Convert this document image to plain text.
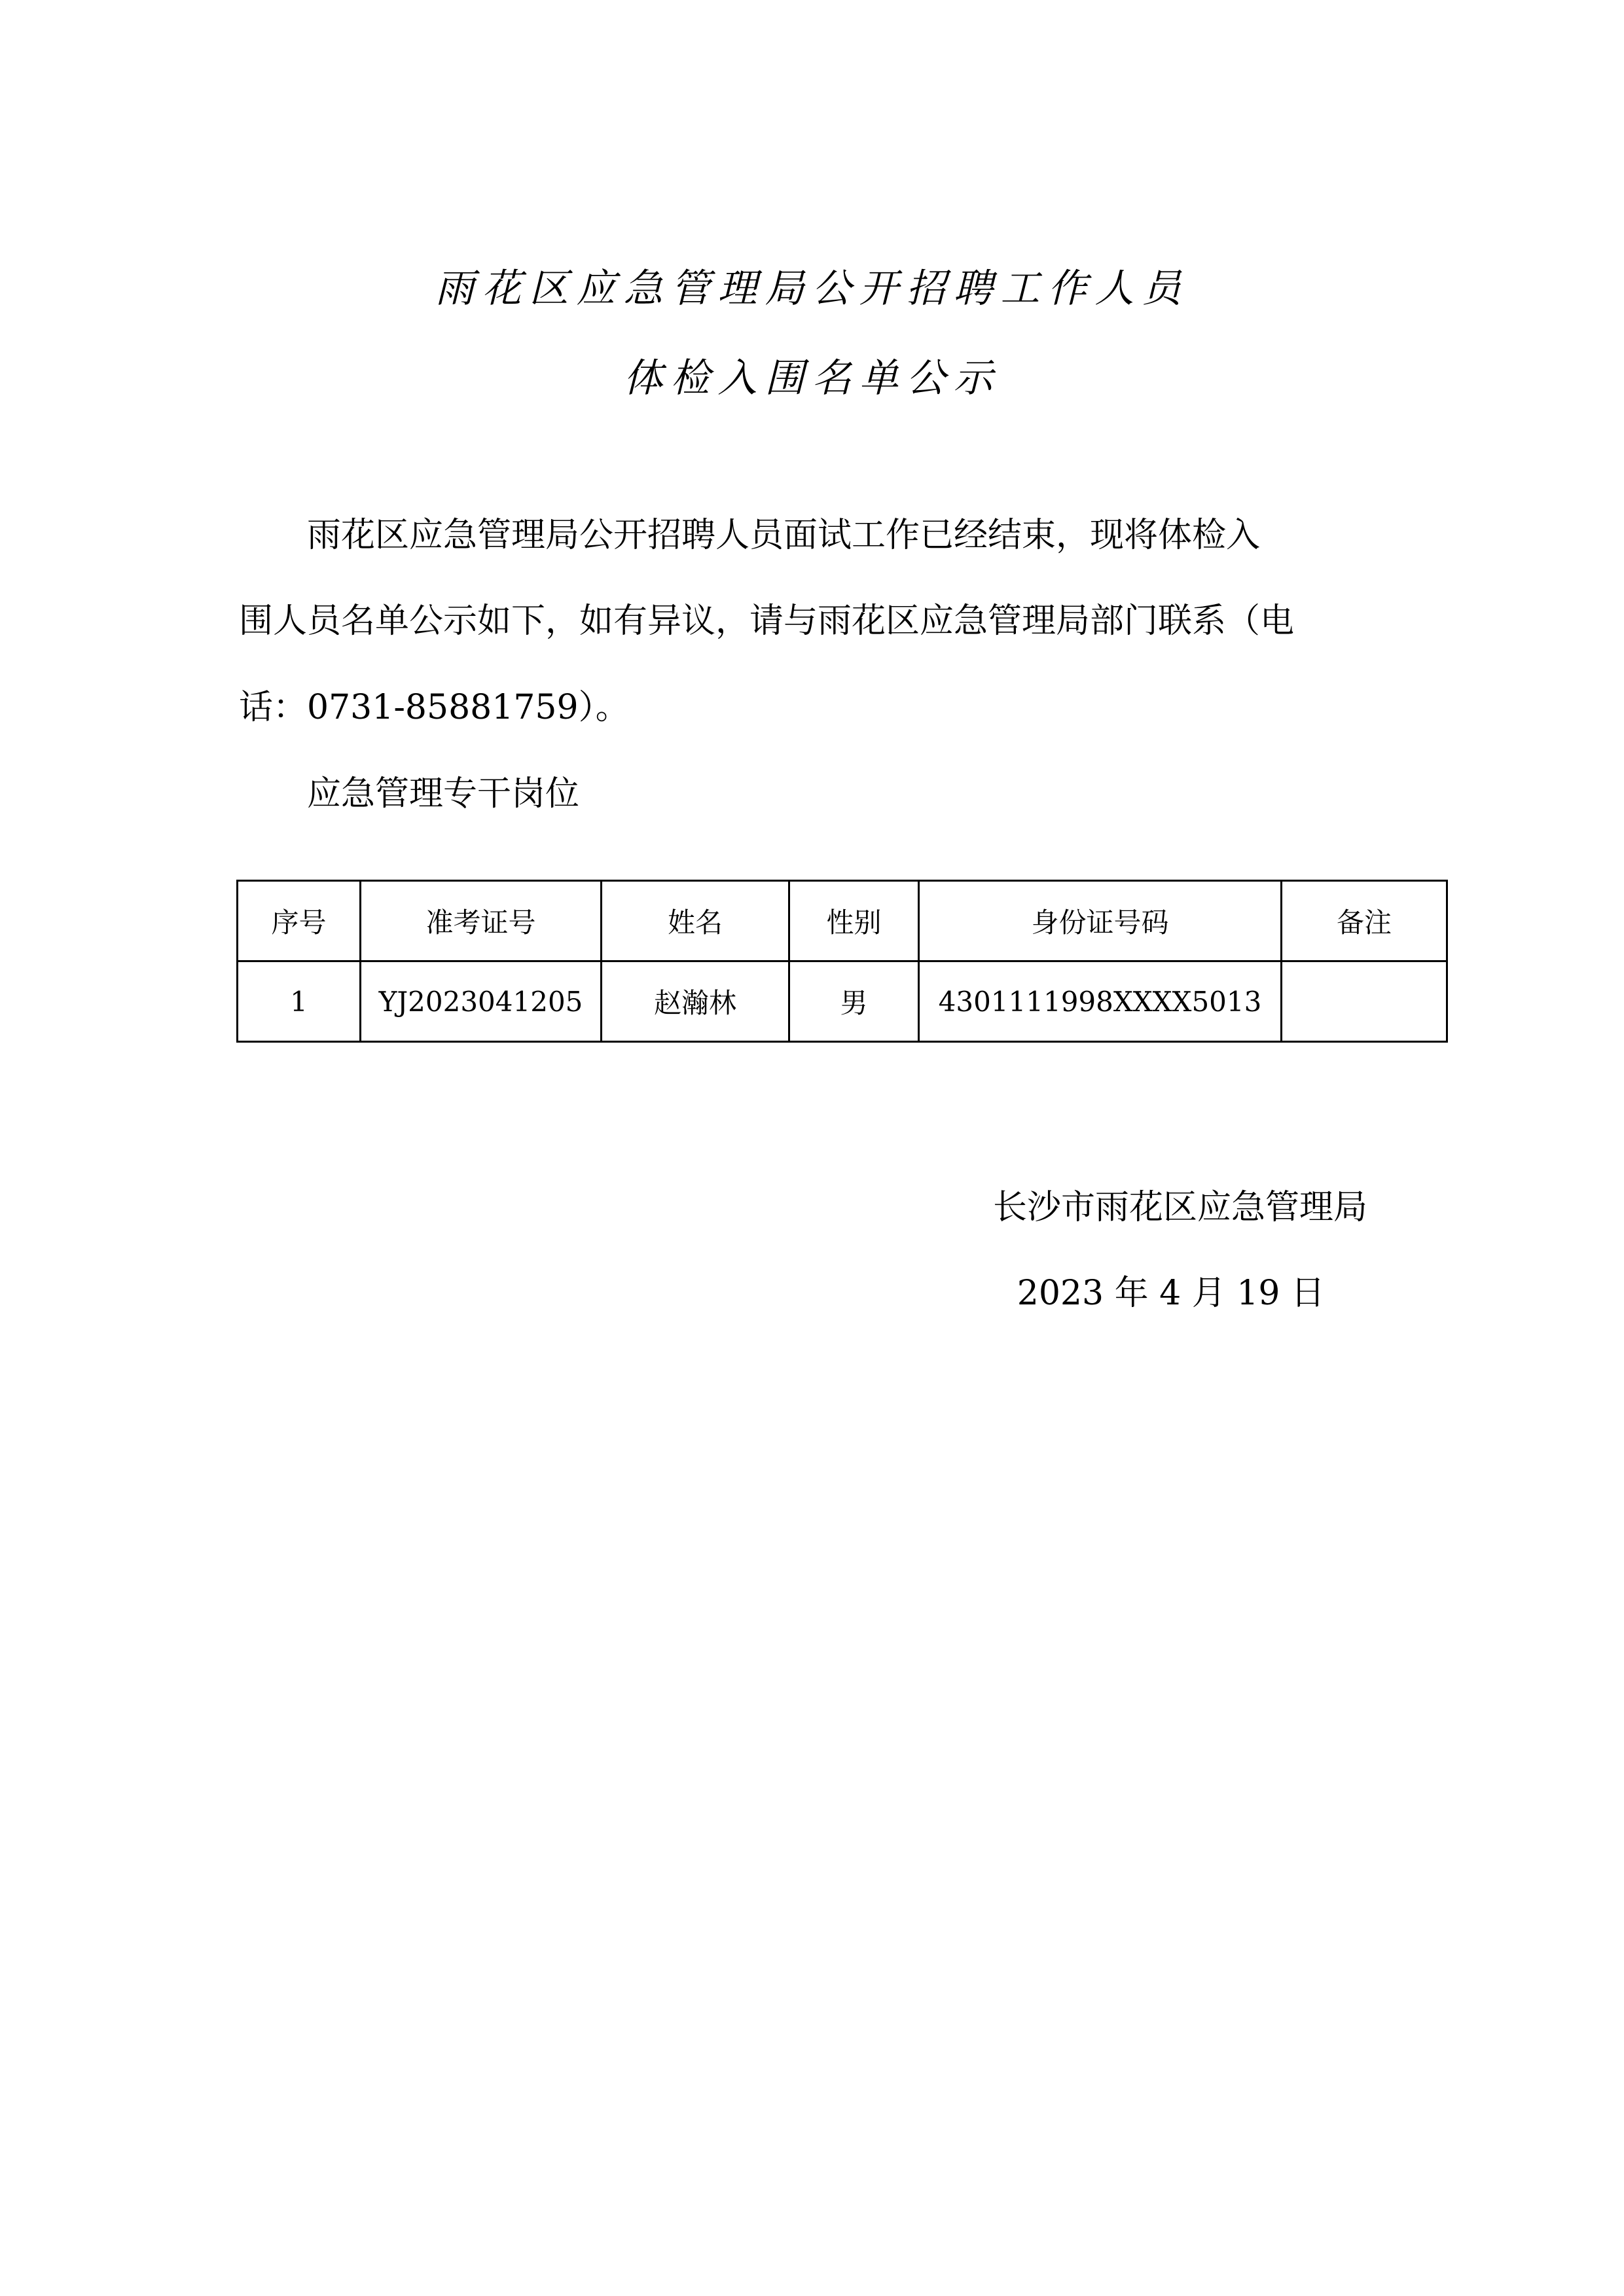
雨花区应急管理局公开招聘工作人员
体检入围名单公示
雨花区应急管理局公开招聘人员面试工作已经结束，现将体检入
围人员名单公示如下，如有异议，请与雨花区应急管理局部门联系（电
话：0731-85881759）。
应急管理专干岗位
序号	准考证号	姓名	性别	身份证号码	备注
1	YJ2023041205	赵瀚林	男	4301111998XXXX5013	
长沙市雨花区应急管理局
2023 年 4 月 19 日
